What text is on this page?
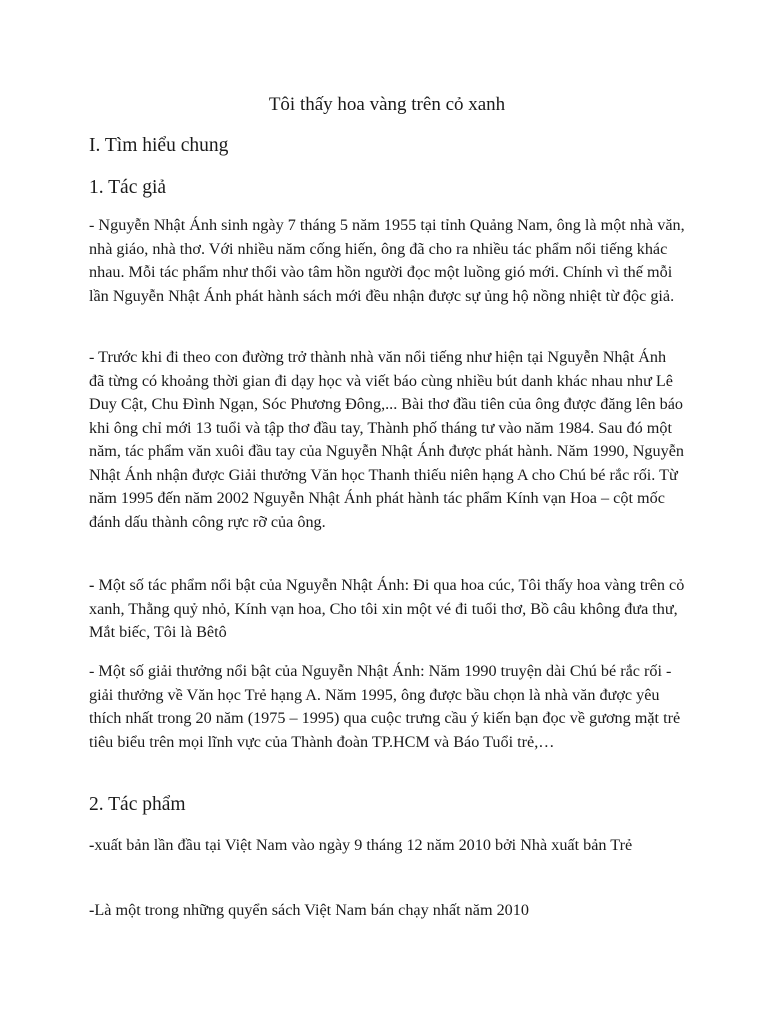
Tôi thấy hoa vàng trên cỏ xanh
I. Tìm hiểu chung
1. Tác giả

- Nguyễn Nhật Ánh sinh ngày 7 tháng 5 năm 1955 tại tỉnh Quảng Nam, ông là một nhà văn, nhà giáo, nhà thơ. Với nhiều năm cống hiến, ông đã cho ra nhiều tác phẩm nổi tiếng khác nhau. Mỗi tác phẩm như thổi vào tâm hồn người đọc một luồng gió mới. Chính vì thế mỗi lần Nguyễn Nhật Ánh phát hành sách mới đều nhận được sự ủng hộ nồng nhiệt từ độc giả.

- Trước khi đi theo con đường trở thành nhà văn nổi tiếng như hiện tại Nguyễn Nhật Ánh đã từng có khoảng thời gian đi dạy học và viết báo cùng nhiều bút danh khác nhau như Lê Duy Cật, Chu Đình Ngạn, Sóc Phương Đông,... Bài thơ đầu tiên của ông được đăng lên báo khi ông chỉ mới 13 tuổi và tập thơ đầu tay, Thành phố tháng tư vào năm 1984. Sau đó một năm, tác phẩm văn xuôi đầu tay của Nguyễn Nhật Ánh được phát hành. Năm 1990, Nguyễn Nhật Ánh nhận được Giải thưởng Văn học Thanh thiếu niên hạng A cho Chú bé rắc rối. Từ năm 1995 đến năm 2002 Nguyễn Nhật Ánh phát hành tác phẩm Kính vạn Hoa – cột mốc đánh dấu thành công rực rỡ của ông.

- Một số tác phẩm nổi bật của Nguyễn Nhật Ánh: Đi qua hoa cúc, Tôi thấy hoa vàng trên cỏ xanh, Thằng quỷ nhỏ, Kính vạn hoa, Cho tôi xin một vé đi tuổi thơ, Bồ câu không đưa thư, Mắt biếc, Tôi là Bêtô

- Một số giải thưởng nổi bật của Nguyễn Nhật Ánh: Năm 1990 truyện dài Chú bé rắc rối - giải thưởng về Văn học Trẻ hạng A. Năm 1995, ông được bầu chọn là nhà văn được yêu thích nhất trong 20 năm (1975 – 1995) qua cuộc trưng cầu ý kiến bạn đọc về gương mặt trẻ tiêu biểu trên mọi lĩnh vực của Thành đoàn TP.HCM và Báo Tuổi trẻ,…

2. Tác phẩm

-xuất bản lần đầu tại Việt Nam vào ngày 9 tháng 12 năm 2010 bởi Nhà xuất bản Trẻ

-Là một trong những quyển sách Việt Nam bán chạy nhất năm 2010
